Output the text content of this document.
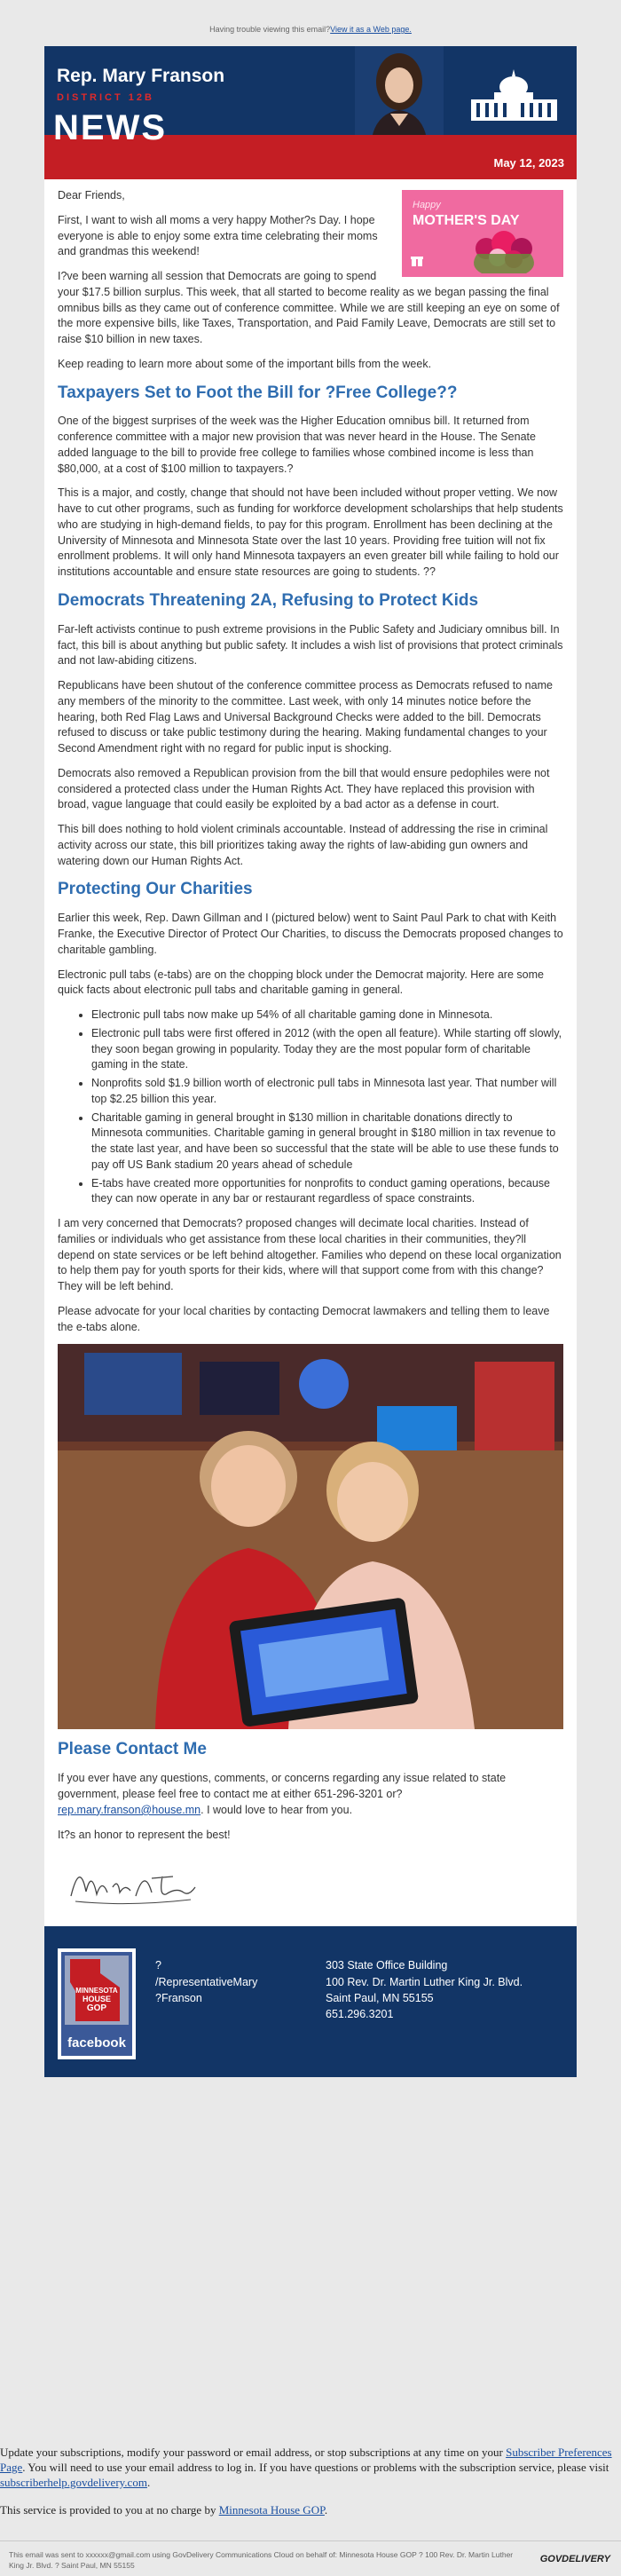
Having trouble viewing this email?View it as a Web page.
Rep. Mary Franson
DISTRICT 12B
NEWS
May 12, 2023
Happy
MOTHER'S DAY

Dear Friends,

First, I want to wish all moms a very happy Mother?s Day. I hope everyone is able to enjoy some extra time celebrating their moms and grandmas this weekend!

I?ve been warning all session that Democrats are going to spend your $17.5 billion surplus. This week, that all started to become reality as we began passing the final omnibus bills as they came out of conference committee. While we are still keeping an eye on some of the more expensive bills, like Taxes, Transportation, and Paid Family Leave, Democrats are still set to raise $10 billion in new taxes.

Keep reading to learn more about some of the important bills from the week.

Taxpayers Set to Foot the Bill for ?Free College??

One of the biggest surprises of the week was the Higher Education omnibus bill. It returned from conference committee with a major new provision that was never heard in the House. The Senate added language to the bill to provide free college to families whose combined income is less than $80,000, at a cost of $100 million to taxpayers.?

This is a major, and costly, change that should not have been included without proper vetting. We now have to cut other programs, such as funding for workforce development scholarships that help students who are studying in high-demand fields, to pay for this program. Enrollment has been declining at the University of Minnesota and Minnesota State over the last 10 years. Providing free tuition will not fix enrollment problems. It will only hand Minnesota taxpayers an even greater bill while failing to hold our institutions accountable and ensure state resources are going to students. ??

Democrats Threatening 2A, Refusing to Protect Kids

Far-left activists continue to push extreme provisions in the Public Safety and Judiciary omnibus bill. In fact, this bill is about anything but public safety. It includes a wish list of provisions that protect criminals and not law-abiding citizens.

Republicans have been shutout of the conference committee process as Democrats refused to name any members of the minority to the committee. Last week, with only 14 minutes notice before the hearing, both Red Flag Laws and Universal Background Checks were added to the bill. Democrats refused to discuss or take public testimony during the hearing. Making fundamental changes to your Second Amendment right with no regard for public input is shocking.

Democrats also removed a Republican provision from the bill that would ensure pedophiles were not considered a protected class under the Human Rights Act. They have replaced this provision with broad, vague language that could easily be exploited by a bad actor as a defense in court.

This bill does nothing to hold violent criminals accountable. Instead of addressing the rise in criminal activity across our state, this bill prioritizes taking away the rights of law-abiding gun owners and watering down our Human Rights Act.

Protecting Our Charities

Earlier this week, Rep. Dawn Gillman and I (pictured below) went to Saint Paul Park to chat with Keith Franke, the Executive Director of Protect Our Charities, to discuss the Democrats proposed changes to charitable gambling.

Electronic pull tabs (e-tabs) are on the chopping block under the Democrat majority. Here are some quick facts about electronic pull tabs and charitable gaming in general.

• Electronic pull tabs now make up 54% of all charitable gaming done in Minnesota.
• Electronic pull tabs were first offered in 2012 (with the open all feature). While starting off slowly, they soon began growing in popularity. Today they are the most popular form of charitable gaming in the state.
• Nonprofits sold $1.9 billion worth of electronic pull tabs in Minnesota last year. That number will top $2.25 billion this year.
• Charitable gaming in general brought in $130 million in charitable donations directly to Minnesota communities. Charitable gaming in general brought in $180 million in tax revenue to the state last year, and have been so successful that the state will be able to use these funds to pay off US Bank stadium 20 years ahead of schedule
• E-tabs have created more opportunities for nonprofits to conduct gaming operations, because they can now operate in any bar or restaurant regardless of space constraints.

I am very concerned that Democrats? proposed changes will decimate local charities. Instead of families or individuals who get assistance from these local charities in their communities, they?ll depend on state services or be left behind altogether. Families who depend on these local organization to help them pay for youth sports for their kids, where will that support come from with this change? They will be left behind.

Please advocate for your local charities by contacting Democrat lawmakers and telling them to leave the e-tabs alone.

Please Contact Me

If you ever have any questions, comments, or concerns regarding any issue related to state government, please feel free to contact me at either 651-296-3201 or?
rep.mary.franson@house.mn. I would love to hear from you.

It?s an honor to represent the best!

MINNESOTA
HOUSE
GOP
facebook
?
/RepresentativeMary
?Franson
303 State Office Building
100 Rev. Dr. Martin Luther King Jr. Blvd.
Saint Paul, MN 55155
651.296.3201

Update your subscriptions, modify your password or email address, or stop subscriptions at any time on your Subscriber Preferences Page. You will need to use your email address to log in. If you have questions or problems with the subscription service, please visit subscriberhelp.govdelivery.com.

This service is provided to you at no charge by Minnesota House GOP.

This email was sent to xxxxxx@gmail.com using GovDelivery Communications Cloud on behalf of: Minnesota House GOP ? 100 Rev. Dr. Martin Luther King Jr. Blvd. ? Saint Paul, MN 55155
GOVDELIVERY
